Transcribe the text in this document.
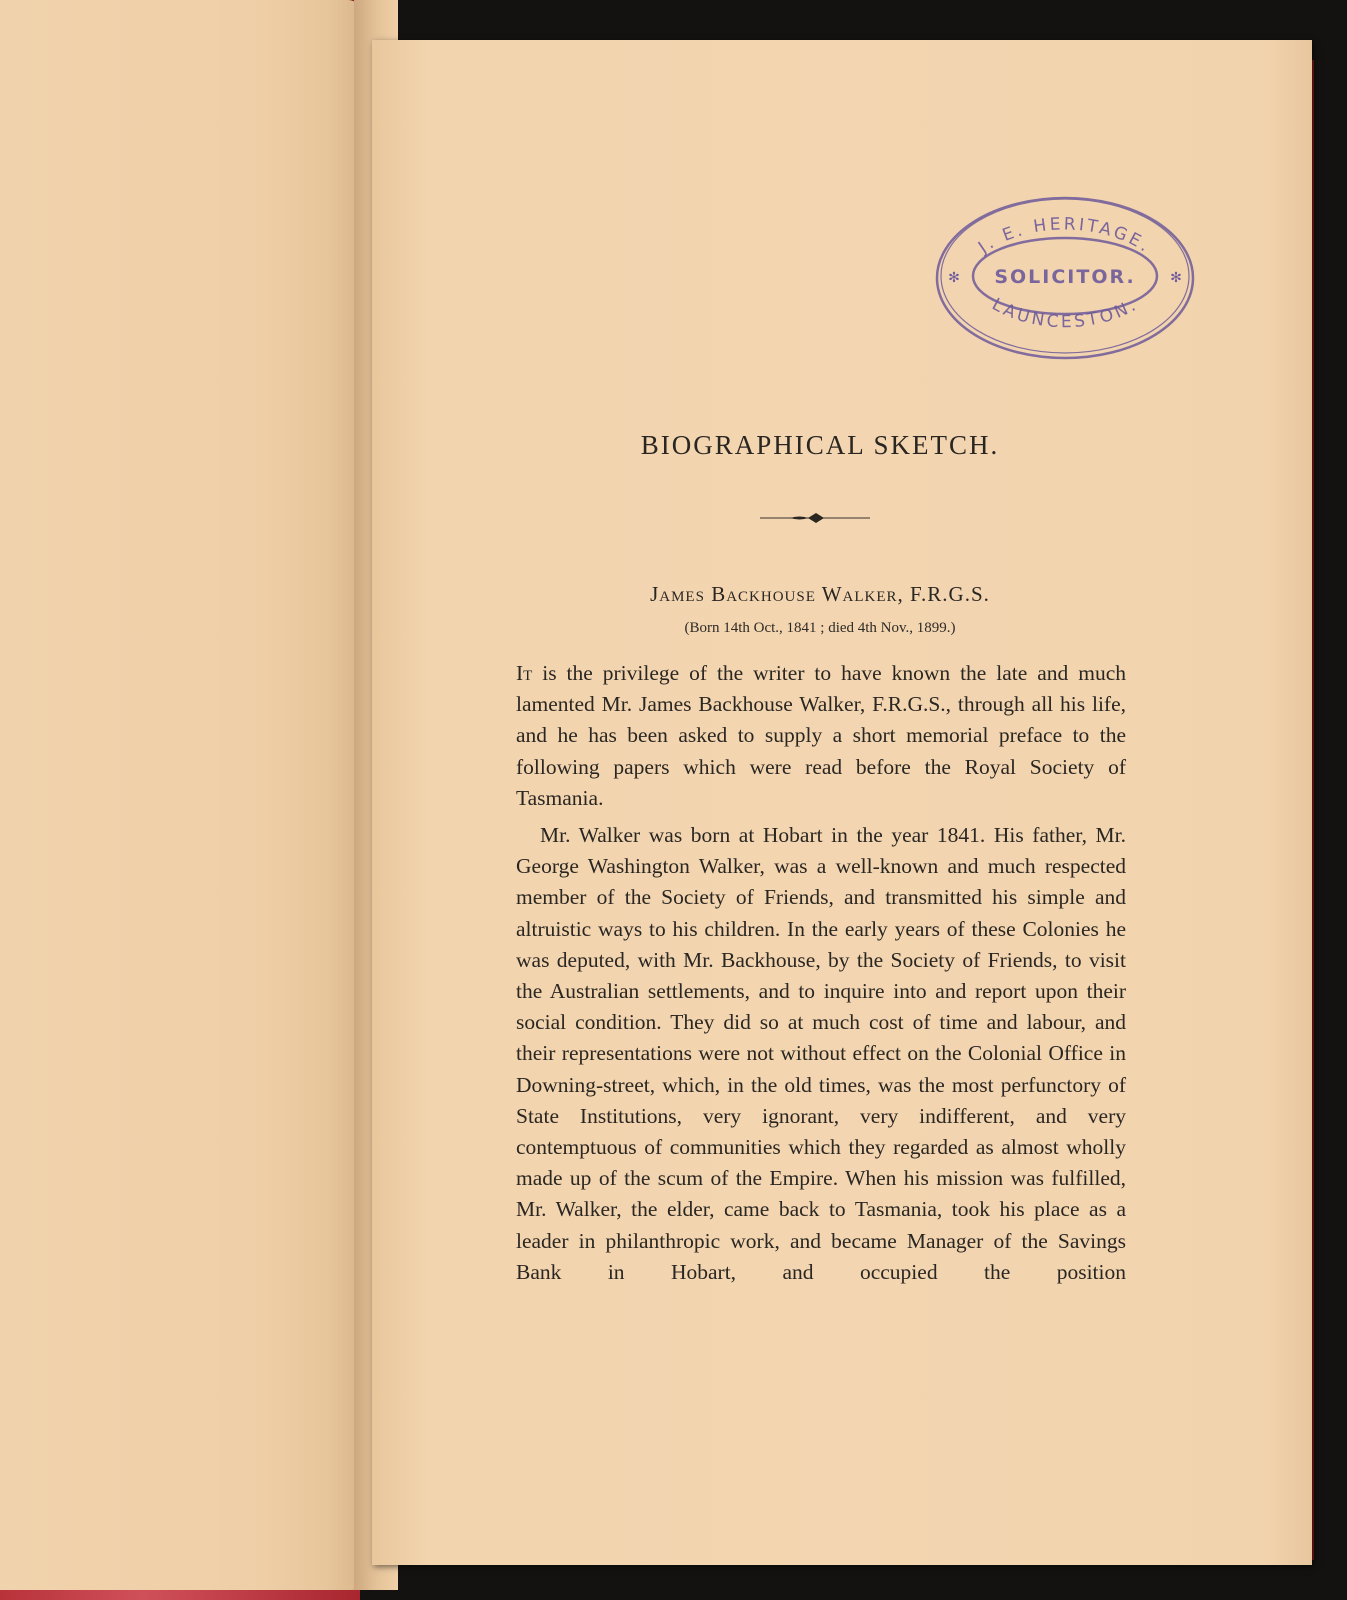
J. E. HERITAGE.
LAUNCESTON.
SOLICITOR.
✻	✻
BIOGRAPHICAL SKETCH.
James Backhouse Walker, F.R.G.S.
(Born 14th Oct., 1841 ; died 4th Nov., 1899.)

It is the privilege of the writer to have known the late and much lamented Mr. James Backhouse Walker, F.R.G.S., through all his life, and he has been asked to supply a short memorial preface to the following papers which were read before the Royal Society of Tasmania.

Mr. Walker was born at Hobart in the year 1841. His father, Mr. George Washington Walker, was a well-known and much respected member of the Society of Friends, and transmitted his simple and altruistic ways to his children. In the early years of these Colonies he was deputed, with Mr. Backhouse, by the Society of Friends, to visit the Australian settlements, and to inquire into and report upon their social condition. They did so at much cost of time and labour, and their representations were not without effect on the Colonial Office in Downing-street, which, in the old times, was the most perfunctory of State Institutions, very ignorant, very indifferent, and very contemptuous of communities which they regarded as almost wholly made up of the scum of the Empire. When his mission was fulfilled, Mr. Walker, the elder, came back to Tasmania, took his place as a leader in philanthropic work, and became Manager of the Savings Bank in Hobart, and occupied the position
